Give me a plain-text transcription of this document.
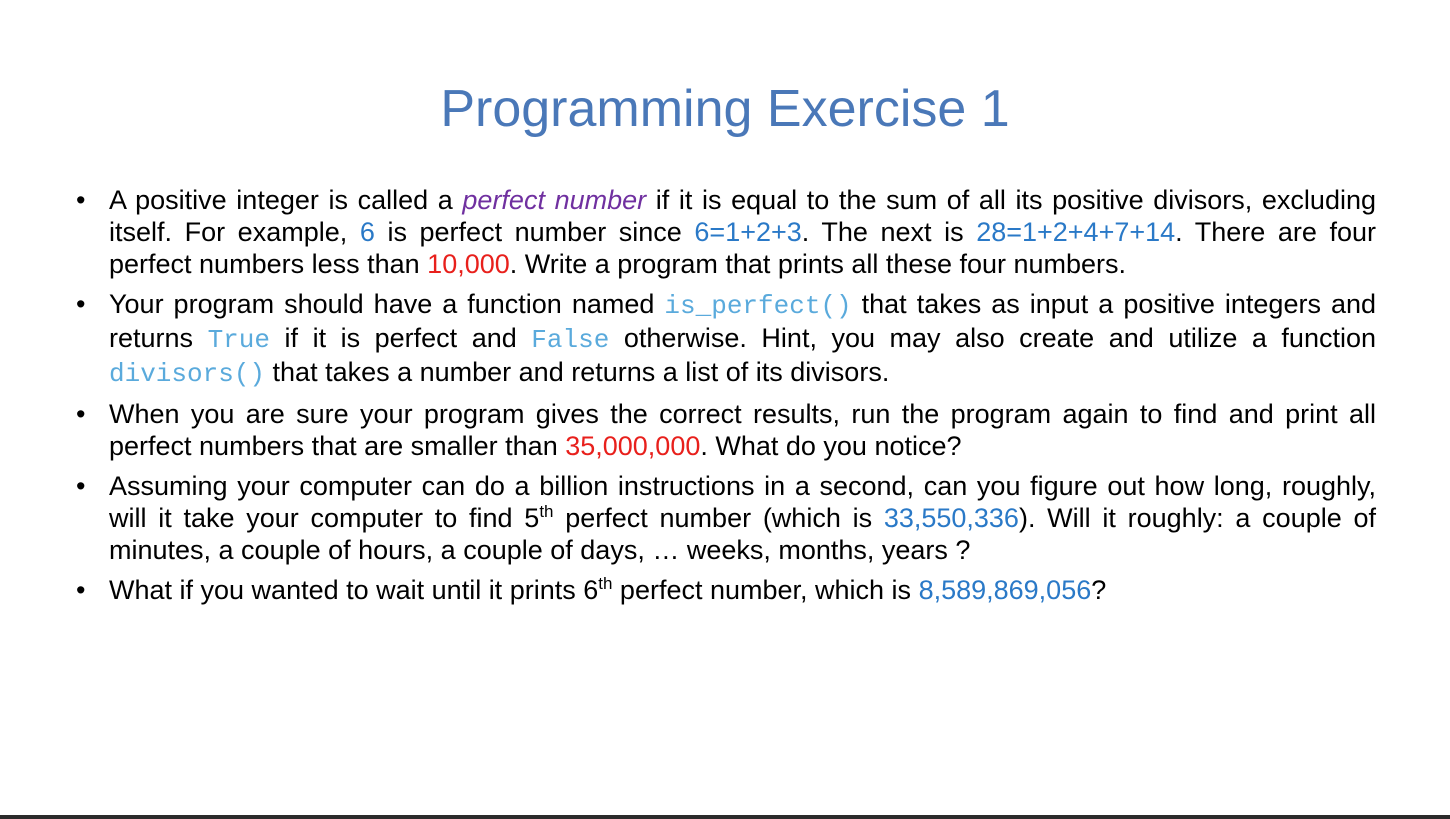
Programming Exercise 1
• A positive integer is called a perfect number if it is equal to the sum of all its positive divisors, excluding itself. For example, 6 is perfect number since 6=1+2+3. The next is 28=1+2+4+7+14. There are four perfect numbers less than 10,000. Write a program that prints all these four numbers.
• Your program should have a function named is_perfect() that takes as input a positive integers and returns True if it is perfect and False otherwise. Hint, you may also create and utilize a function divisors() that takes a number and returns a list of its divisors.
• When you are sure your program gives the correct results, run the program again to find and print all perfect numbers that are smaller than 35,000,000. What do you notice?
• Assuming your computer can do a billion instructions in a second, can you figure out how long, roughly, will it take your computer to find 5th perfect number (which is 33,550,336). Will it roughly: a couple of minutes, a couple of hours, a couple of days, … weeks, months, years ?
• What if you wanted to wait until it prints 6th perfect number, which is 8,589,869,056?
